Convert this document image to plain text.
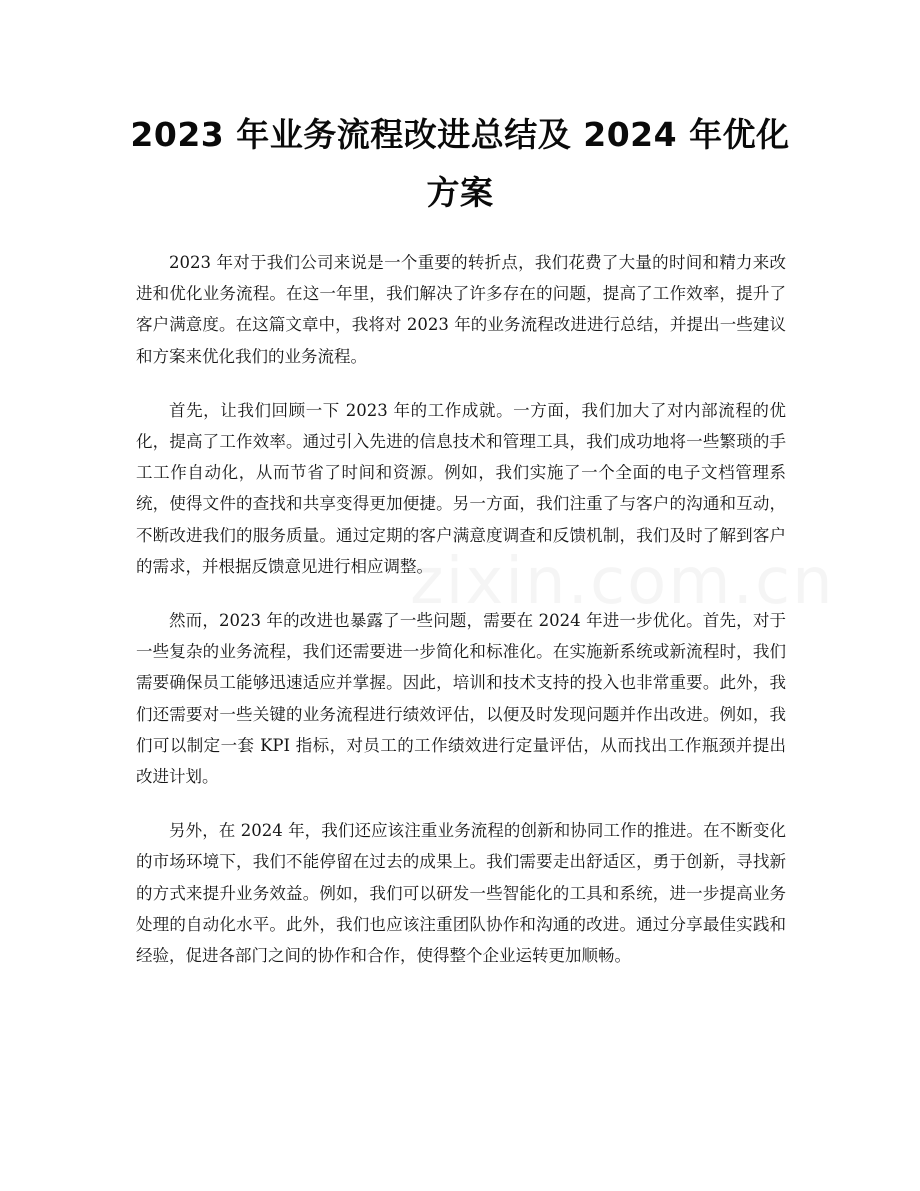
2023 年业务流程改进总结及 2024 年优化方案

2023 年对于我们公司来说是一个重要的转折点，我们花费了大量的时间和精力来改进和优化业务流程。在这一年里，我们解决了许多存在的问题，提高了工作效率，提升了客户满意度。在这篇文章中，我将对 2023 年的业务流程改进进行总结，并提出一些建议和方案来优化我们的业务流程。

首先，让我们回顾一下 2023 年的工作成就。一方面，我们加大了对内部流程的优化，提高了工作效率。通过引入先进的信息技术和管理工具，我们成功地将一些繁琐的手工工作自动化，从而节省了时间和资源。例如，我们实施了一个全面的电子文档管理系统，使得文件的查找和共享变得更加便捷。另一方面，我们注重了与客户的沟通和互动，不断改进我们的服务质量。通过定期的客户满意度调查和反馈机制，我们及时了解到客户的需求，并根据反馈意见进行相应调整。

然而，2023 年的改进也暴露了一些问题，需要在 2024 年进一步优化。首先，对于一些复杂的业务流程，我们还需要进一步简化和标准化。在实施新系统或新流程时，我们需要确保员工能够迅速适应并掌握。因此，培训和技术支持的投入也非常重要。此外，我们还需要对一些关键的业务流程进行绩效评估，以便及时发现问题并作出改进。例如，我们可以制定一套 KPI 指标，对员工的工作绩效进行定量评估，从而找出工作瓶颈并提出改进计划。

另外，在 2024 年，我们还应该注重业务流程的创新和协同工作的推进。在不断变化的市场环境下，我们不能停留在过去的成果上。我们需要走出舒适区，勇于创新，寻找新的方式来提升业务效益。例如，我们可以研发一些智能化的工具和系统，进一步提高业务处理的自动化水平。此外，我们也应该注重团队协作和沟通的改进。通过分享最佳实践和经验，促进各部门之间的协作和合作，使得整个企业运转更加顺畅。
